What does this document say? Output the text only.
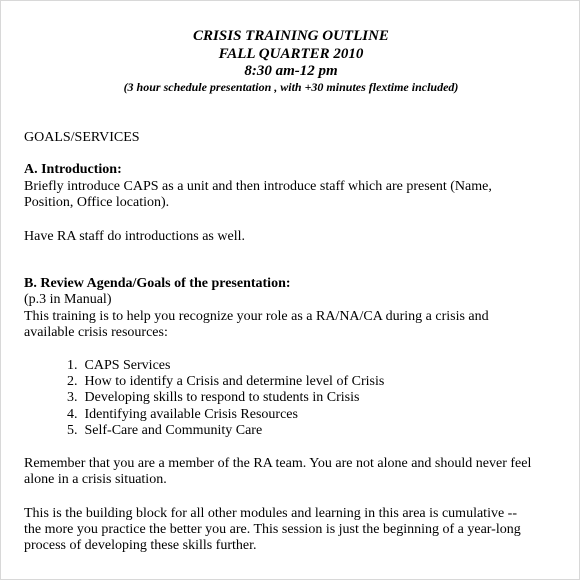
CRISIS TRAINING OUTLINE
FALL QUARTER 2010
8:30 am-12 pm
(3 hour schedule presentation , with +30 minutes flextime included)
GOALS/SERVICES
A. Introduction:
Briefly introduce CAPS as a unit and then introduce staff which are present (Name,
Position, Office location).
Have RA staff do introductions as well.
B. Review Agenda/Goals of the presentation:
(p.3 in Manual)
This training is to help you recognize your role as a RA/NA/CA during a crisis and
available crisis resources:
1. CAPS Services
2. How to identify a Crisis and determine level of Crisis
3. Developing skills to respond to students in Crisis
4. Identifying available Crisis Resources
5. Self-Care and Community Care
Remember that you are a member of the RA team. You are not alone and should never feel
alone in a crisis situation.
This is the building block for all other modules and learning in this area is cumulative --
the more you practice the better you are. This session is just the beginning of a year-long
process of developing these skills further.
